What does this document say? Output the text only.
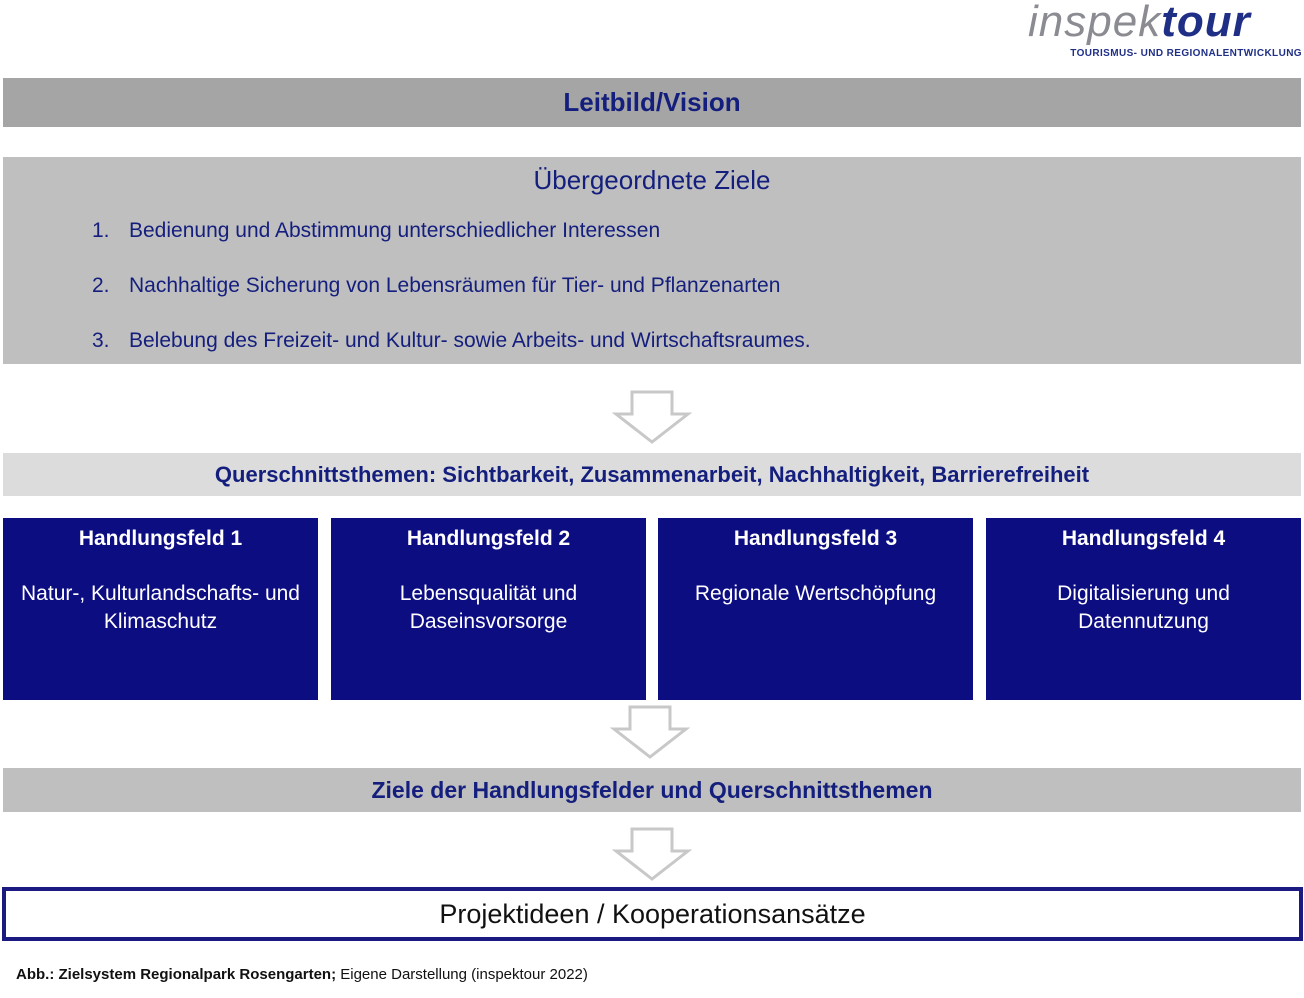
inspektour
TOURISMUS- UND REGIONALENTWICKLUNG
Leitbild/Vision
Übergeordnete Ziele
1. Bedienung und Abstimmung unterschiedlicher Interessen
2. Nachhaltige Sicherung von Lebensräumen für Tier- und Pflanzenarten
3. Belebung des Freizeit- und Kultur- sowie Arbeits- und Wirtschaftsraumes.
Querschnittsthemen: Sichtbarkeit, Zusammenarbeit, Nachhaltigkeit, Barrierefreiheit
Handlungsfeld 1
Natur-, Kulturlandschafts- und Klimaschutz
Handlungsfeld 2
Lebensqualität und Daseinsvorsorge
Handlungsfeld 3
Regionale Wertschöpfung
Handlungsfeld 4
Digitalisierung und Datennutzung
Ziele der Handlungsfelder und Querschnittsthemen
Projektideen / Kooperationsansätze
Abb.: Zielsystem Regionalpark Rosengarten; Eigene Darstellung (inspektour 2022)
